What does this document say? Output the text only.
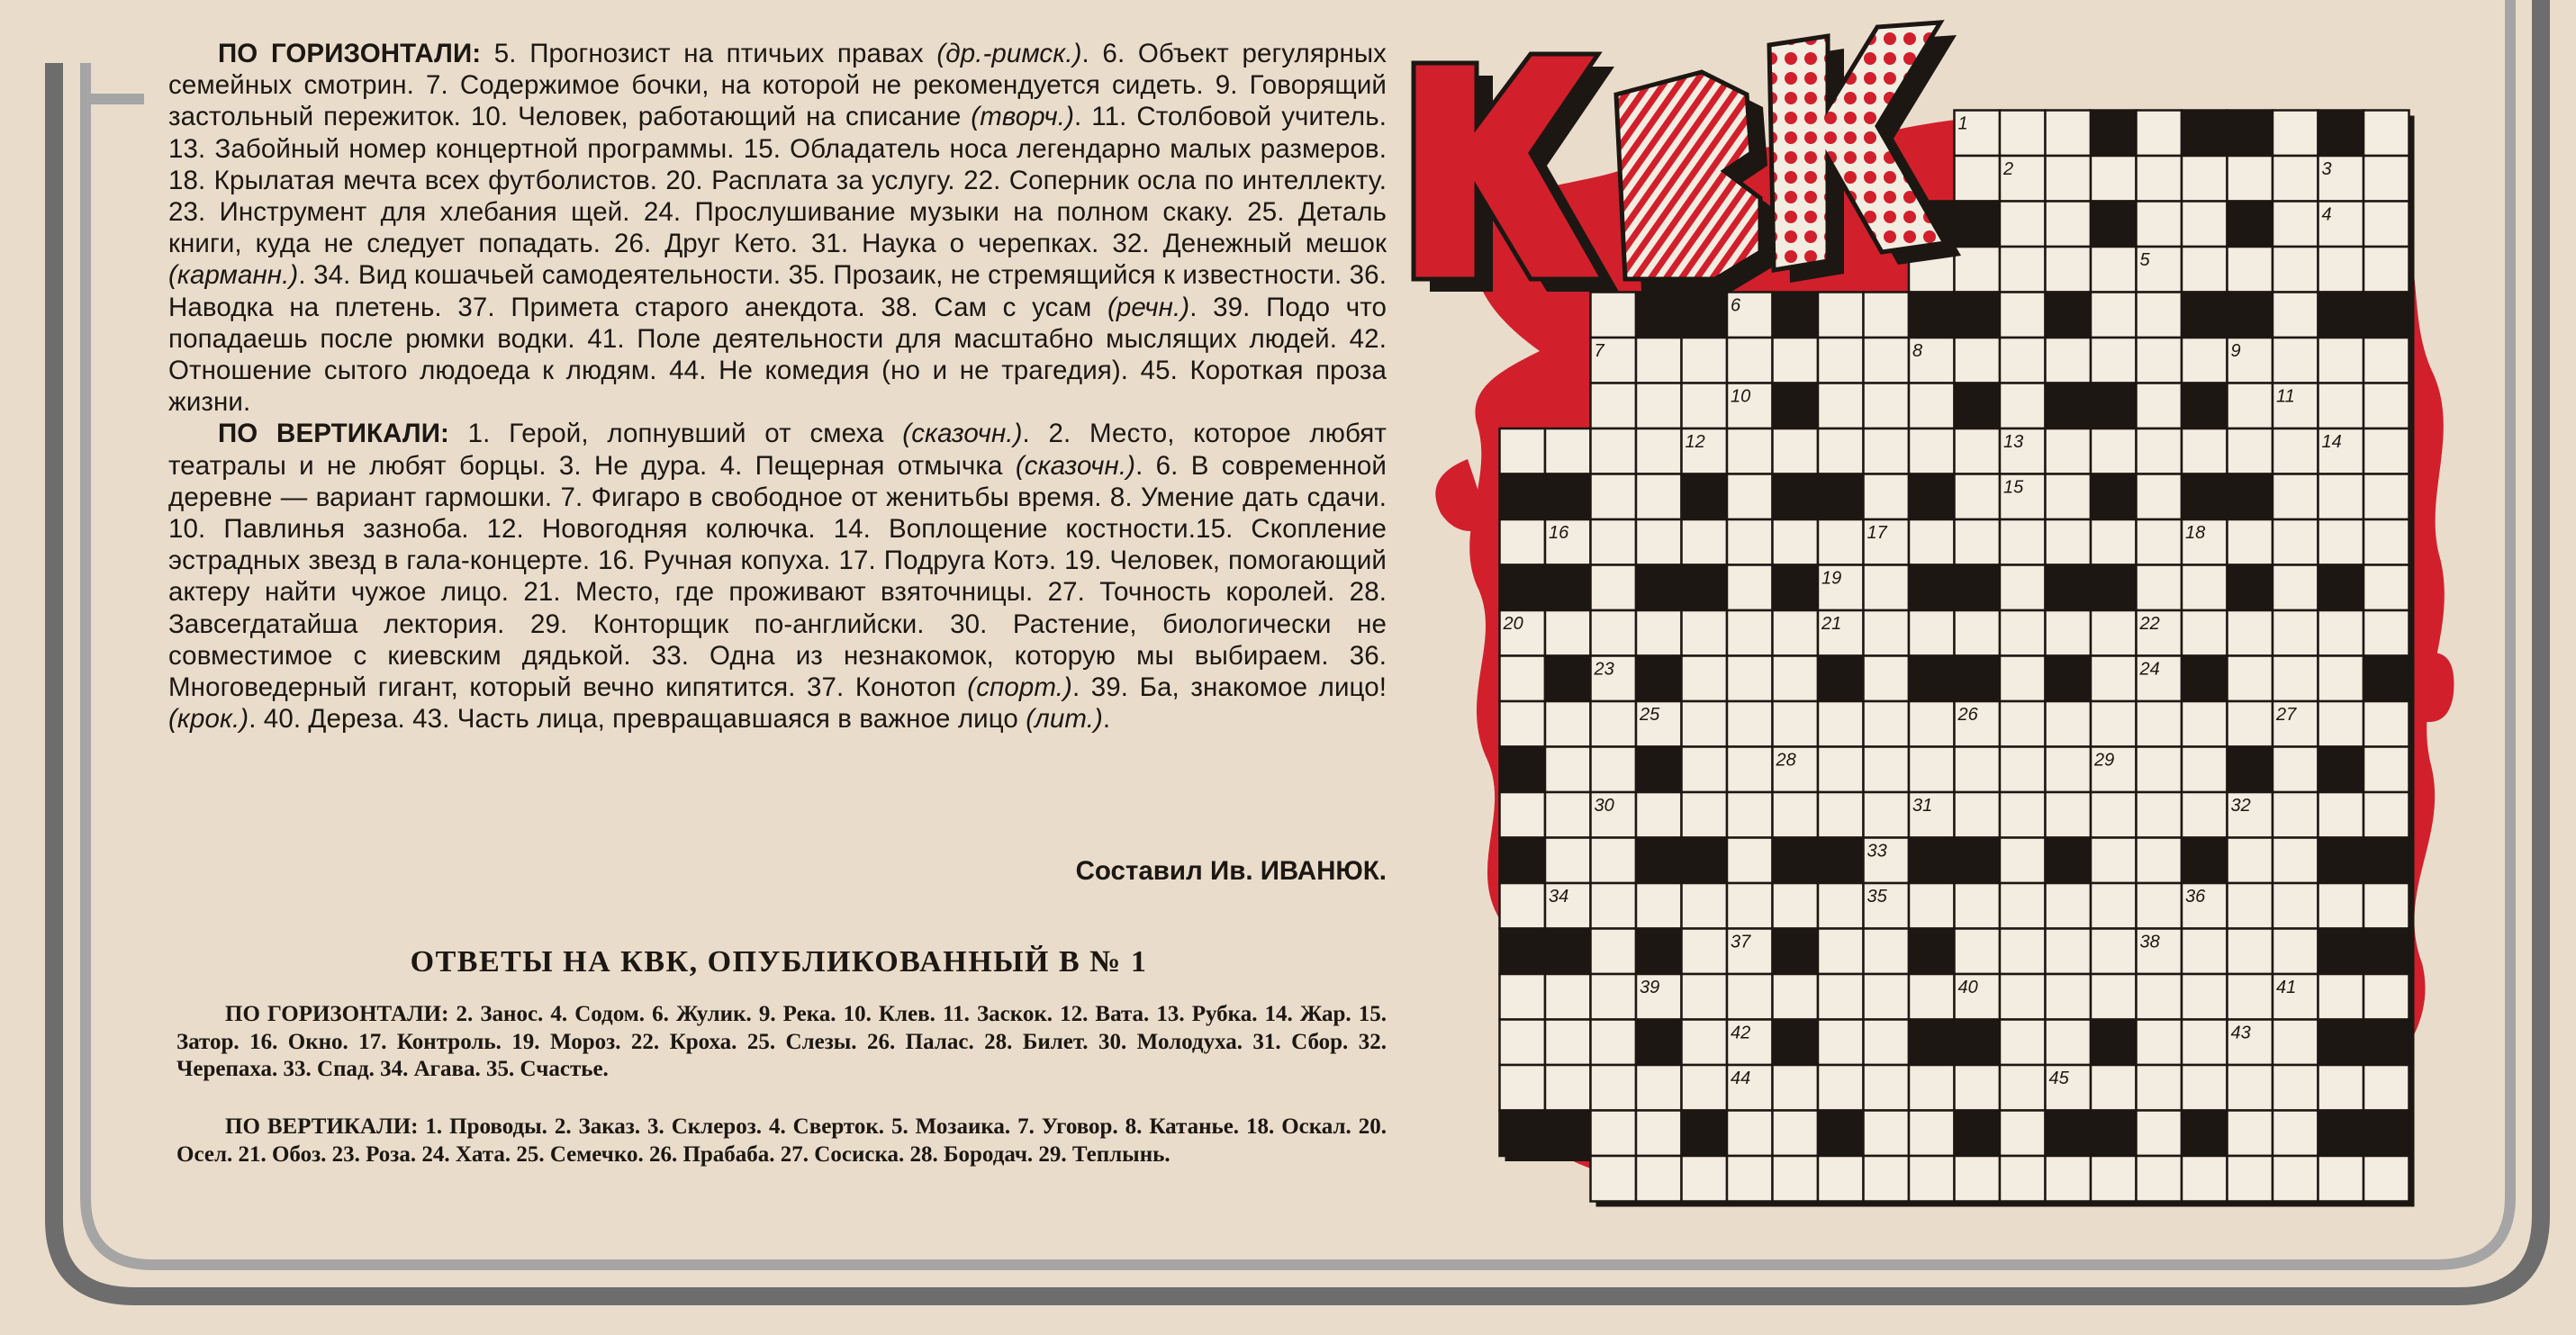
ПО ГОРИЗОНТАЛИ: 5. Прогнозист на птичьих правах (др.-римск.). 6. Объект регулярных семейных смотрин. 7. Содержимое бочки, на которой не рекомендуется сидеть. 9. Говорящий застольный пережиток. 10. Человек, работающий на списание (творч.). 11. Столбовой учитель. 13. Забойный номер концертной программы. 15. Обладатель носа легендарно малых размеров. 18. Крылатая мечта всех футболистов. 20. Расплата за услугу. 22. Соперник осла по интеллекту. 23. Инструмент для хлебания щей. 24. Прослушивание музыки на полном скаку. 25. Деталь книги, куда не следует попадать. 26. Друг Кето. 31. Наука о черепках. 32. Денежный мешок (карманн.). 34. Вид кошачьей самодеятельности. 35. Прозаик, не стремящийся к известности. 36. Наводка на плетень. 37. Примета старого анекдота. 38. Сам с усам (речн.). 39. Подо что попадаешь после рюмки водки. 41. Поле деятельности для масштабно мыслящих людей. 42. Отношение сытого людоеда к людям. 44. Не комедия (но и не трагедия). 45. Короткая проза жизни.

ПО ВЕРТИКАЛИ: 1. Герой, лопнувший от смеха (сказочн.). 2. Место, которое любят театралы и не любят борцы. 3. Не дура. 4. Пещерная отмычка (сказочн.). 6. В современной деревне — вариант гармошки. 7. Фигаро в свободное от женитьбы время. 8. Умение дать сдачи. 10. Павлинья зазноба. 12. Новогодняя колючка. 14. Воплощение костности.15. Скопление эстрадных звезд в гала-концерте. 16. Ручная копуха. 17. Подруга Котэ. 19. Человек, помогающий актеру найти чужое лицо. 21. Место, где проживают взяточницы. 27. Точность королей. 28. Завсегдатайша лектория. 29. Конторщик по-английски. 30. Растение, биологически не совместимое с киевским дядькой. 33. Одна из незнакомок, которую мы выбираем. 36. Многоведерный гигант, который вечно кипятится. 37. Конотоп (спорт.). 39. Ба, знакомое лицо! (крок.). 40. Дереза. 43. Часть лица, превращавшаяся в важное лицо (лит.).

Составил Ив. ИВАНЮК.
ОТВЕТЫ НА КВК, ОПУБЛИКОВАННЫЙ В № 1

ПО ГОРИЗОНТАЛИ: 2. Занос. 4. Содом. 6. Жулик. 9. Река. 10. Клев. 11. Заскок. 12. Вата. 13. Рубка. 14. Жар. 15. Затор. 16. Окно. 17. Контроль. 19. Мороз. 22. Кроха. 25. Слезы. 26. Палас. 28. Билет. 30. Молодуха. 31. Сбор. 32. Черепаха. 33. Спад. 34. Агава. 35. Счастье.

ПО ВЕРТИКАЛИ: 1. Проводы. 2. Заказ. 3. Склероз. 4. Сверток. 5. Мозаика. 7. Уговор. 8. Катанье. 18. Оскал. 20. Осел. 21. Обоз. 23. Роза. 24. Хата. 25. Семечко. 26. Прабаба. 27. Сосиска. 28. Бородач. 29. Теплынь.

1
2	3
4
5
6
7	8	9
10	11
12	13	14
15
16	17	18
19
20	21	22
23	24
25	26	27
28	29
30	31	32
33
34	35	36
37	38
39	40	41
42	43
44	45
